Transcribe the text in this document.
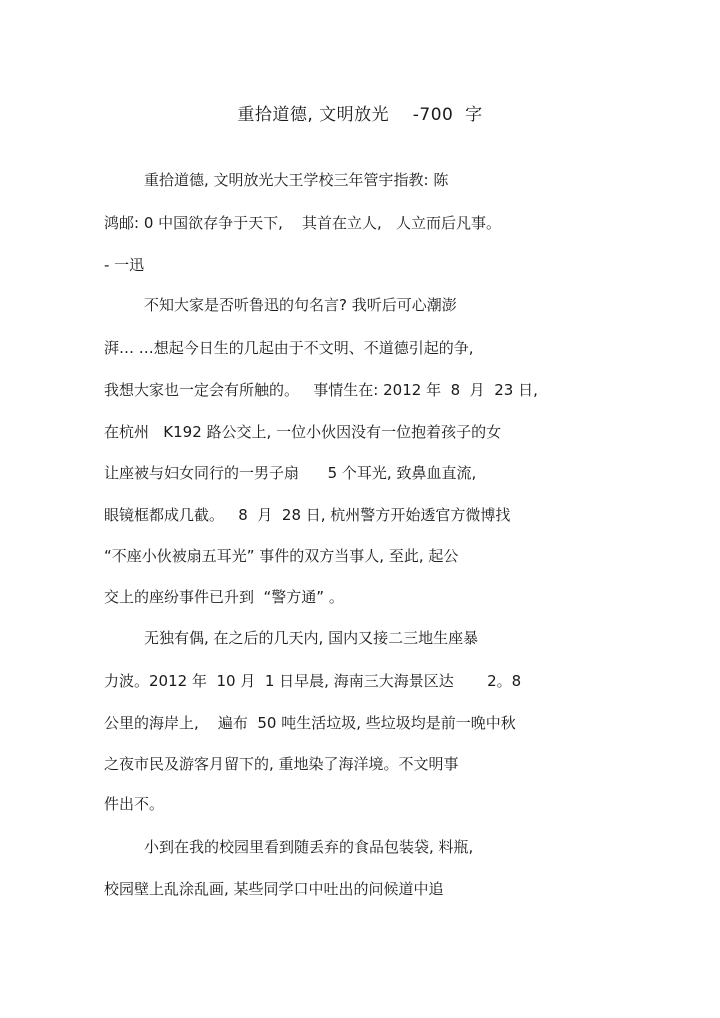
重拾道德, 文明放光    -700  字
重拾道德, 文明放光大王学校三年管宇指教: 陈
鸿邮: 0 中国欲存争于天下,    其首在立人,   人立而后凡事。
- 一迅
不知大家是否听鲁迅的句名言? 我听后可心潮澎
湃… …想起今日生的几起由于不文明、不道德引起的争,
我想大家也一定会有所触的。   事情生在: 2012 年  8  月  23 日,
在杭州   K192 路公交上, 一位小伙因没有一位抱着孩子的女
让座被与妇女同行的一男子扇      5 个耳光, 致鼻血直流,
眼镜框都成几截。   8  月  28 日, 杭州警方开始透官方微博找
“不座小伙被扇五耳光” 事件的双方当事人, 至此, 起公
交上的座纷事件已升到  “警方通” 。
无独有偶, 在之后的几天内, 国内又接二三地生座暴
力波。2012 年  10 月  1 日早晨, 海南三大海景区达       2。8
公里的海岸上,    遍布  50 吨生活垃圾, 些垃圾均是前一晚中秋
之夜市民及游客月留下的, 重地染了海洋境。不文明事
件出不。
小到在我的校园里看到随丢弃的食品包装袋, 料瓶,
校园壁上乱涂乱画, 某些同学口中吐出的问候道中追
